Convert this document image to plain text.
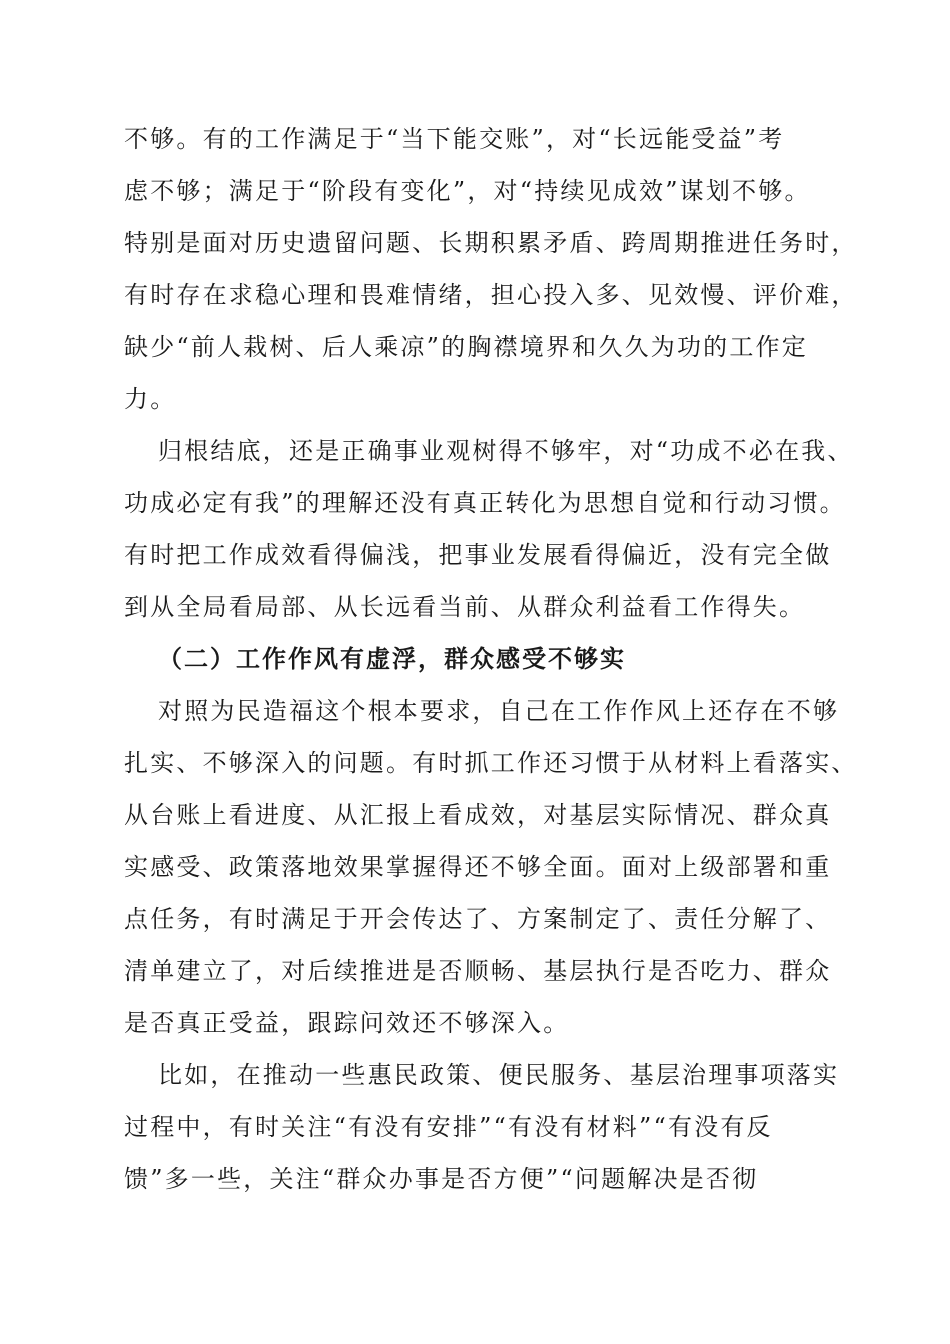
不够。有的工作满足于“当下能交账”，对“长远能受益”考
虑不够；满足于“阶段有变化”，对“持续见成效”谋划不够。
特别是面对历史遗留问题、长期积累矛盾、跨周期推进任务时，
有时存在求稳心理和畏难情绪，担心投入多、见效慢、评价难，
缺少“前人栽树、后人乘凉”的胸襟境界和久久为功的工作定
力。
归根结底，还是正确事业观树得不够牢，对“功成不必在我、
功成必定有我”的理解还没有真正转化为思想自觉和行动习惯。
有时把工作成效看得偏浅，把事业发展看得偏近，没有完全做
到从全局看局部、从长远看当前、从群众利益看工作得失。
（二）工作作风有虚浮，群众感受不够实
对照为民造福这个根本要求，自己在工作作风上还存在不够
扎实、不够深入的问题。有时抓工作还习惯于从材料上看落实、
从台账上看进度、从汇报上看成效，对基层实际情况、群众真
实感受、政策落地效果掌握得还不够全面。面对上级部署和重
点任务，有时满足于开会传达了、方案制定了、责任分解了、
清单建立了，对后续推进是否顺畅、基层执行是否吃力、群众
是否真正受益，跟踪问效还不够深入。
比如，在推动一些惠民政策、便民服务、基层治理事项落实
过程中，有时关注“有没有安排”“有没有材料”“有没有反
馈”多一些，关注“群众办事是否方便”“问题解决是否彻
